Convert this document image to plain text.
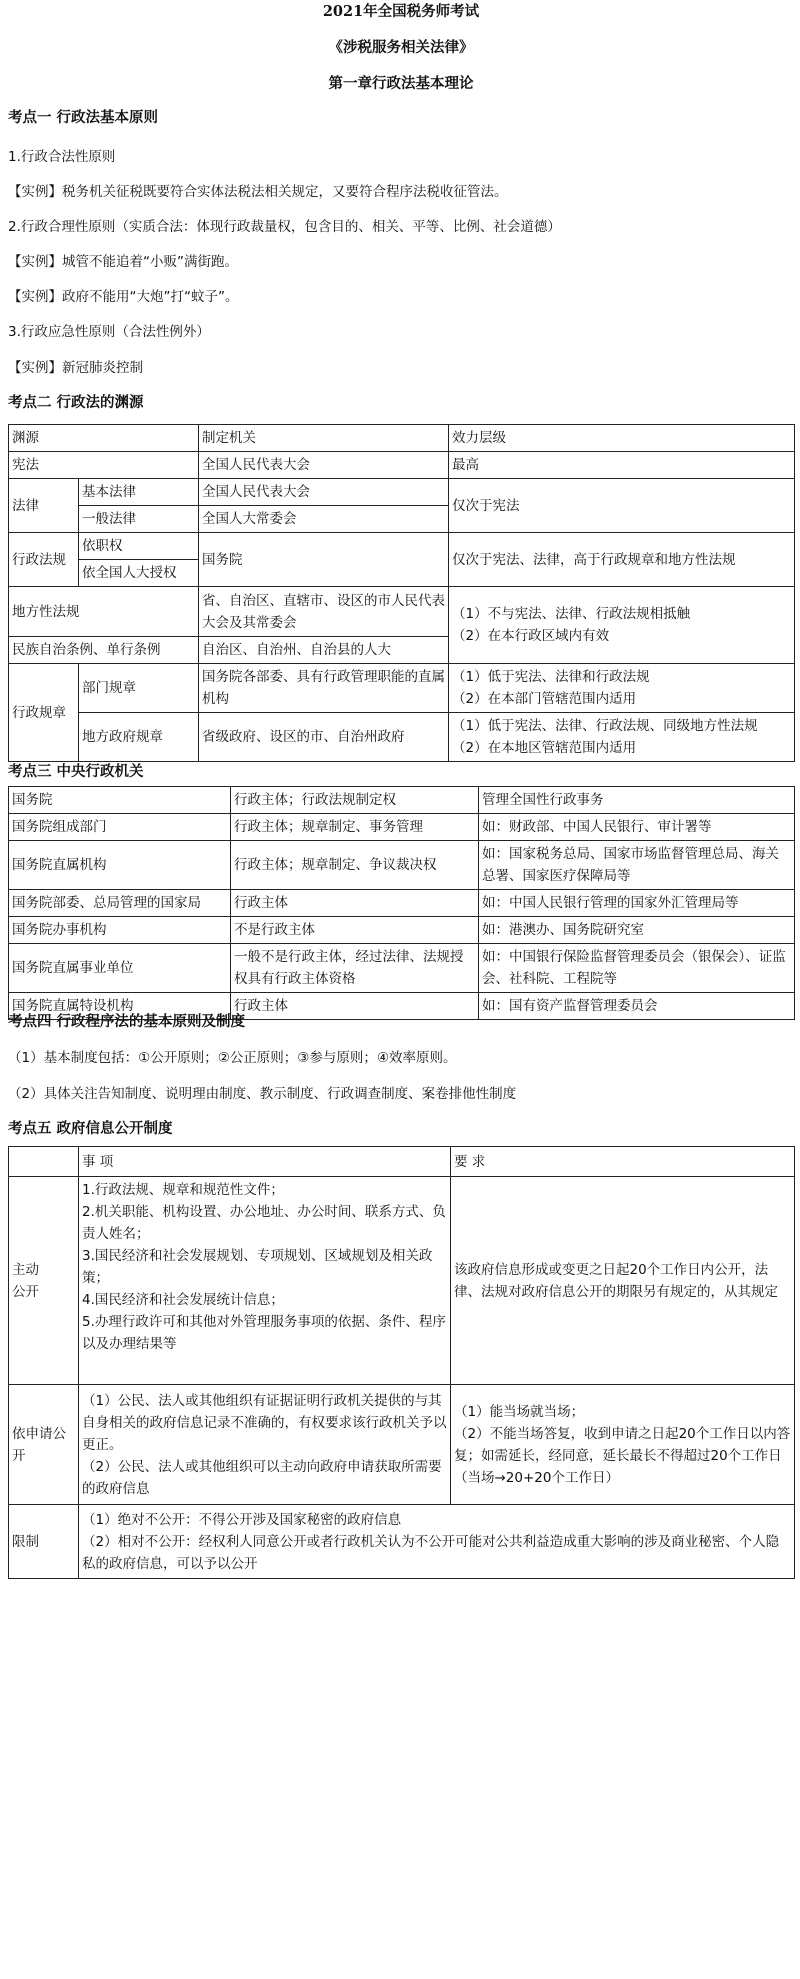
2021年全国税务师考试

《涉税服务相关法律》

第一章行政法基本理论

考点一 行政法基本原则

1.行政合法性原则

【实例】税务机关征税既要符合实体法税法相关规定，又要符合程序法税收征管法。

2.行政合理性原则（实质合法：体现行政裁量权，包含目的、相关、平等、比例、社会道德）

【实例】城管不能追着“小贩”满街跑。

【实例】政府不能用“大炮”打“蚊子”。

3.行政应急性原则（合法性例外）

【实例】新冠肺炎控制

考点二 行政法的渊源

渊源		制定机关	效力层级
宪法		全国人民代表大会	最高
法律	基本法律	全国人民代表大会	仅次于宪法
	一般法律	全国人大常委会	
行政法规	依职权	国务院	仅次于宪法、法律，高于行政规章和地方性法规
	依全国人大授权		
地方性法规		省、自治区、直辖市、设区的市人民代表大会及其常委会	（1）不与宪法、法律、行政法规相抵触
（2）在本行政区域内有效
民族自治条例、单行条例		自治区、自治州、自治县的人大	
行政规章	部门规章	国务院各部委、具有行政管理职能的直属机构	（1）低于宪法、法律和行政法规
（2）在本部门管辖范围内适用
	地方政府规章	省级政府、设区的市、自治州政府	（1）低于宪法、法律、行政法规、同级地方性法规
（2）在本地区管辖范围内适用

考点三 中央行政机关

国务院	行政主体；行政法规制定权	管理全国性行政事务
国务院组成部门	行政主体；规章制定、事务管理	如：财政部、中国人民银行、审计署等
国务院直属机构	行政主体；规章制定、争议裁决权	如：国家税务总局、国家市场监督管理总局、海关总署、国家医疗保障局等
国务院部委、总局管理的国家局	行政主体	如：中国人民银行管理的国家外汇管理局等
国务院办事机构	不是行政主体	如：港澳办、国务院研究室
国务院直属事业单位	一般不是行政主体，经过法律、法规授权具有行政主体资格	如：中国银行保险监督管理委员会（银保会）、证监会、社科院、工程院等
国务院直属特设机构	行政主体	如：国有资产监督管理委员会

考点四 行政程序法的基本原则及制度

（1）基本制度包括：①公开原则；②公正原则；③参与原则；④效率原则。

（2）具体关注告知制度、说明理由制度、教示制度、行政调查制度、案卷排他性制度

考点五 政府信息公开制度

	事 项	要 求
主动
公开	1.行政法规、规章和规范性文件；
2.机关职能、机构设置、办公地址、办公时间、联系方式、负责人姓名；
3.国民经济和社会发展规划、专项规划、区域规划及相关政策；
4.国民经济和社会发展统计信息；
5.办理行政许可和其他对外管理服务事项的依据、条件、程序以及办理结果等	该政府信息形成或变更之日起20个工作日内公开，法律、法规对政府信息公开的期限另有规定的，从其规定
依申请公开	（1）公民、法人或其他组织有证据证明行政机关提供的与其自身相关的政府信息记录不准确的，有权要求该行政机关予以更正。
（2）公民、法人或其他组织可以主动向政府申请获取所需要的政府信息	（1）能当场就当场；
（2）不能当场答复，收到申请之日起20个工作日以内答复；如需延长，经同意，延长最长不得超过20个工作日
（当场→20+20个工作日）
限制	（1）绝对不公开：不得公开涉及国家秘密的政府信息
（2）相对不公开：经权利人同意公开或者行政机关认为不公开可能对公共利益造成重大影响的涉及商业秘密、个人隐私的政府信息，可以予以公开	
